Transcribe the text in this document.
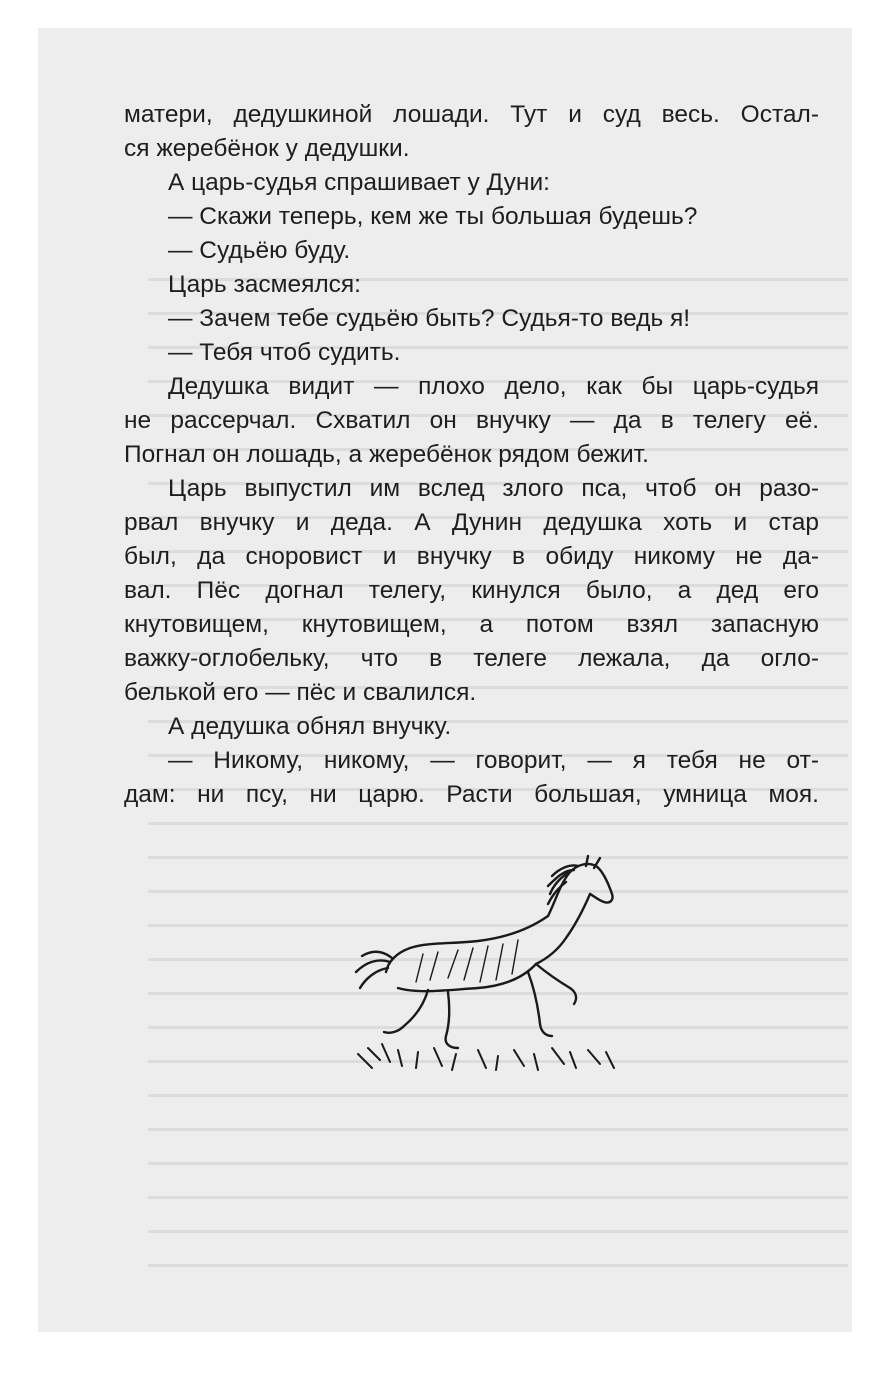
матери, дедушкиной лошади. Тут и суд весь. Остал-

ся жеребёнок у дедушки.

А царь-судья спрашивает у Дуни:

— Скажи теперь, кем же ты большая будешь?

— Судьёю буду.

Царь засмеялся:

— Зачем тебе судьёю быть? Судья-то ведь я!

— Тебя чтоб судить.

Дедушка видит — плохо дело, как бы царь-судья

не рассерчал. Схватил он внучку — да в телегу её.

Погнал он лошадь, а жеребёнок рядом бежит.

Царь выпустил им вслед злого пса, чтоб он разо-

рвал внучку и деда. А Дунин дедушка хоть и стар

был, да сноровист и внучку в обиду никому не да-

вал. Пёс догнал телегу, кинулся было, а дед его

кнутовищем, кнутовищем, а потом взял запасную

важку-оглобельку, что в телеге лежала, да огло-

белькой его — пёс и свалился.

А дедушка обнял внучку.

— Никому, никому, — говорит, — я тебя не от-

дам: ни псу, ни царю. Расти большая, умница моя.
